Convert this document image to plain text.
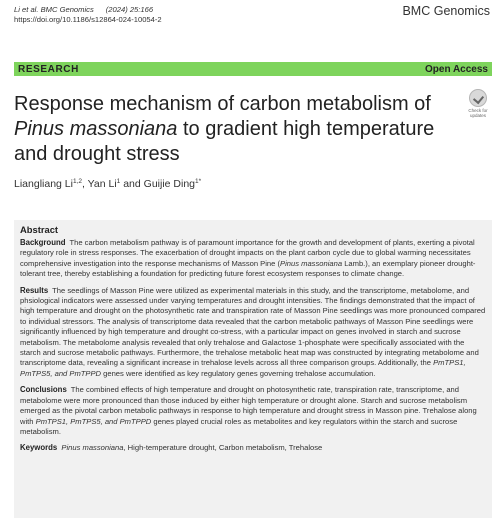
Li et al. BMC Genomics (2024) 25:166
https://doi.org/10.1186/s12864-024-10054-2
BMC Genomics
RESEARCH	Open Access
Response mechanism of carbon metabolism of Pinus massoniana to gradient high temperature and drought stress
Check for
updates
Liangliang Li$^{1,2}$, Yan Li$^1$ and Guijie Ding$^{1*}$
Abstract

Background The carbon metabolism pathway is of paramount importance for the growth and development of plants, exerting a pivotal regulatory role in stress responses. The exacerbation of drought impacts on the plant carbon cycle due to global warming necessitates comprehensive investigation into the response mechanisms of Masson Pine (Pinus massoniana Lamb.), an exemplary pioneer drought-tolerant tree, thereby establishing a foundation for predicting future forest ecosystem responses to climate change.

Results The seedlings of Masson Pine were utilized as experimental materials in this study, and the transcriptome, metabolome, and phsiological indicators were assessed under varying temperatures and drought intensities. The findings demonstrated that the impact of high temperature and drought on the photosynthetic rate and transpiration rate of Masson Pine seedlings was more pronounced compared to individual stressors. The analysis of transcriptome data revealed that the carbon metabolic pathways of Masson Pine seedlings were significantly influenced by high temperature and drought co-stress, with a particular impact on genes involved in starch and sucrose metabolism. The metabolome analysis revealed that only trehalose and Galactose 1-phosphate were specifically associated with the starch and sucrose metabolic pathways. Furthermore, the trehalose metabolic heat map was constructed by integrating metabolome and transcriptome data, revealing a significant increase in trehalose levels across all three comparison groups. Additionally, the PmTPS1, PmTPS5, and PmTPPD genes were identified as key regulatory genes governing trehalose accumulation.

Conclusions The combined effects of high temperature and drought on photosynthetic rate, transpiration rate, transcriptome, and metabolome were more pronounced than those induced by either high temperature or drought alone. Starch and sucrose metabolism emerged as the pivotal carbon metabolic pathways in response to high temperature and drought stress in Masson pine. Trehalose along with PmTPS1, PmTPS5, and PmTPPD genes played crucial roles as metabolites and key regulators within the starch and sucrose metabolism.

Keywords Pinus massoniana, High-temperature drought, Carbon metabolism, Trehalose
